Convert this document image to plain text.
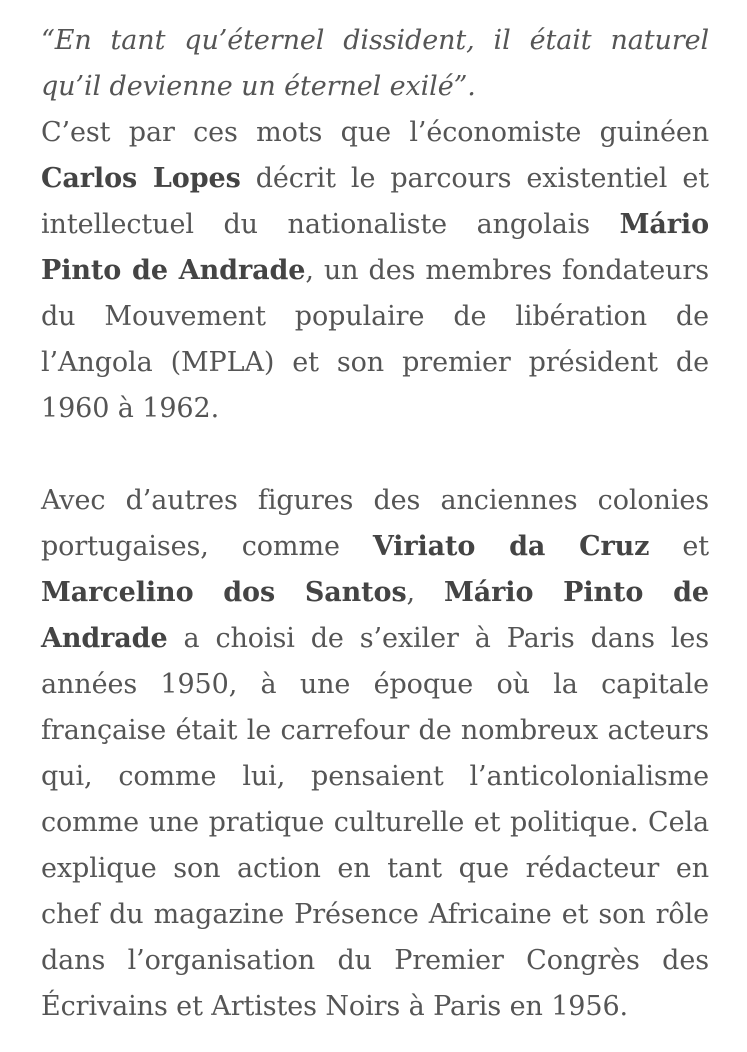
“En tant qu’éternel dissident, il était naturel qu’il devienne un éternel exilé”.

C’est par ces mots que l’économiste guinéen Carlos Lopes décrit le parcours existentiel et intellectuel du nationaliste angolais Mário Pinto de Andrade, un des membres fondateurs du Mouvement populaire de libération de l’Angola (MPLA) et son premier président de 1960 à 1962.

Avec d’autres figures des anciennes colonies portugaises, comme Viriato da Cruz et Marcelino dos Santos, Mário Pinto de Andrade a choisi de s’exiler à Paris dans les années 1950, à une époque où la capitale française était le carrefour de nombreux acteurs qui, comme lui, pensaient l’anticolonialisme comme une pratique culturelle et politique. Cela explique son action en tant que rédacteur en chef du magazine Présence Africaine et son rôle dans l’organisation du Premier Congrès des Écrivains et Artistes Noirs à Paris en 1956.
